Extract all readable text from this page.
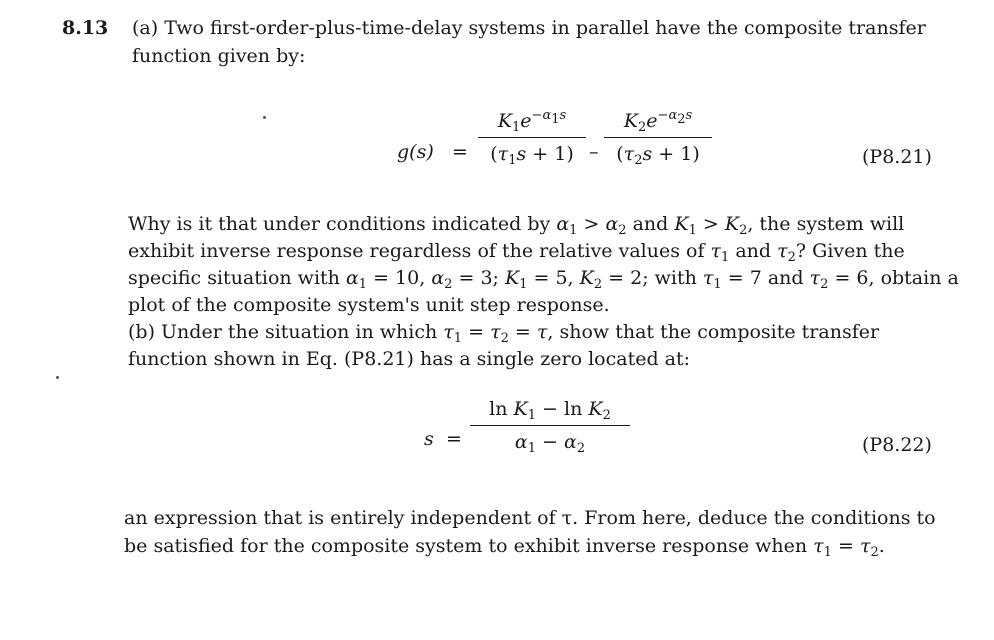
8.13 (a) Two first-order-plus-time-delay systems in parallel have the composite transfer
function given by:
g(s) =
$K_1e^{-\alpha_1s}$
$(\tau_1s + 1)$ –
$K_2e^{-\alpha_2s}$
$(\tau_2s + 1)$	(P8.21)
Why is it that under conditions indicated by $\alpha_1 > \alpha_2$ and $K_1 > K_2$, the system will
exhibit inverse response regardless of the relative values of $\tau_1$ and $\tau_2$? Given the
specific situation with $\alpha_1 = 10$, $\alpha_2 = 3$; $K_1 = 5$, $K_2 = 2$; with $\tau_1 = 7$ and $\tau_2 = 6$, obtain a
plot of the composite system's unit step response.
(b) Under the situation in which $\tau_1 = \tau_2 = \tau$, show that the composite transfer
function shown in Eq. (P8.21) has a single zero located at:
s =
$\ln K_1 - \ln K_2$
$\alpha_1 - \alpha_2$	(P8.22)
an expression that is entirely independent of τ. From here, deduce the conditions to
be satisfied for the composite system to exhibit inverse response when $\tau_1 = \tau_2$.
